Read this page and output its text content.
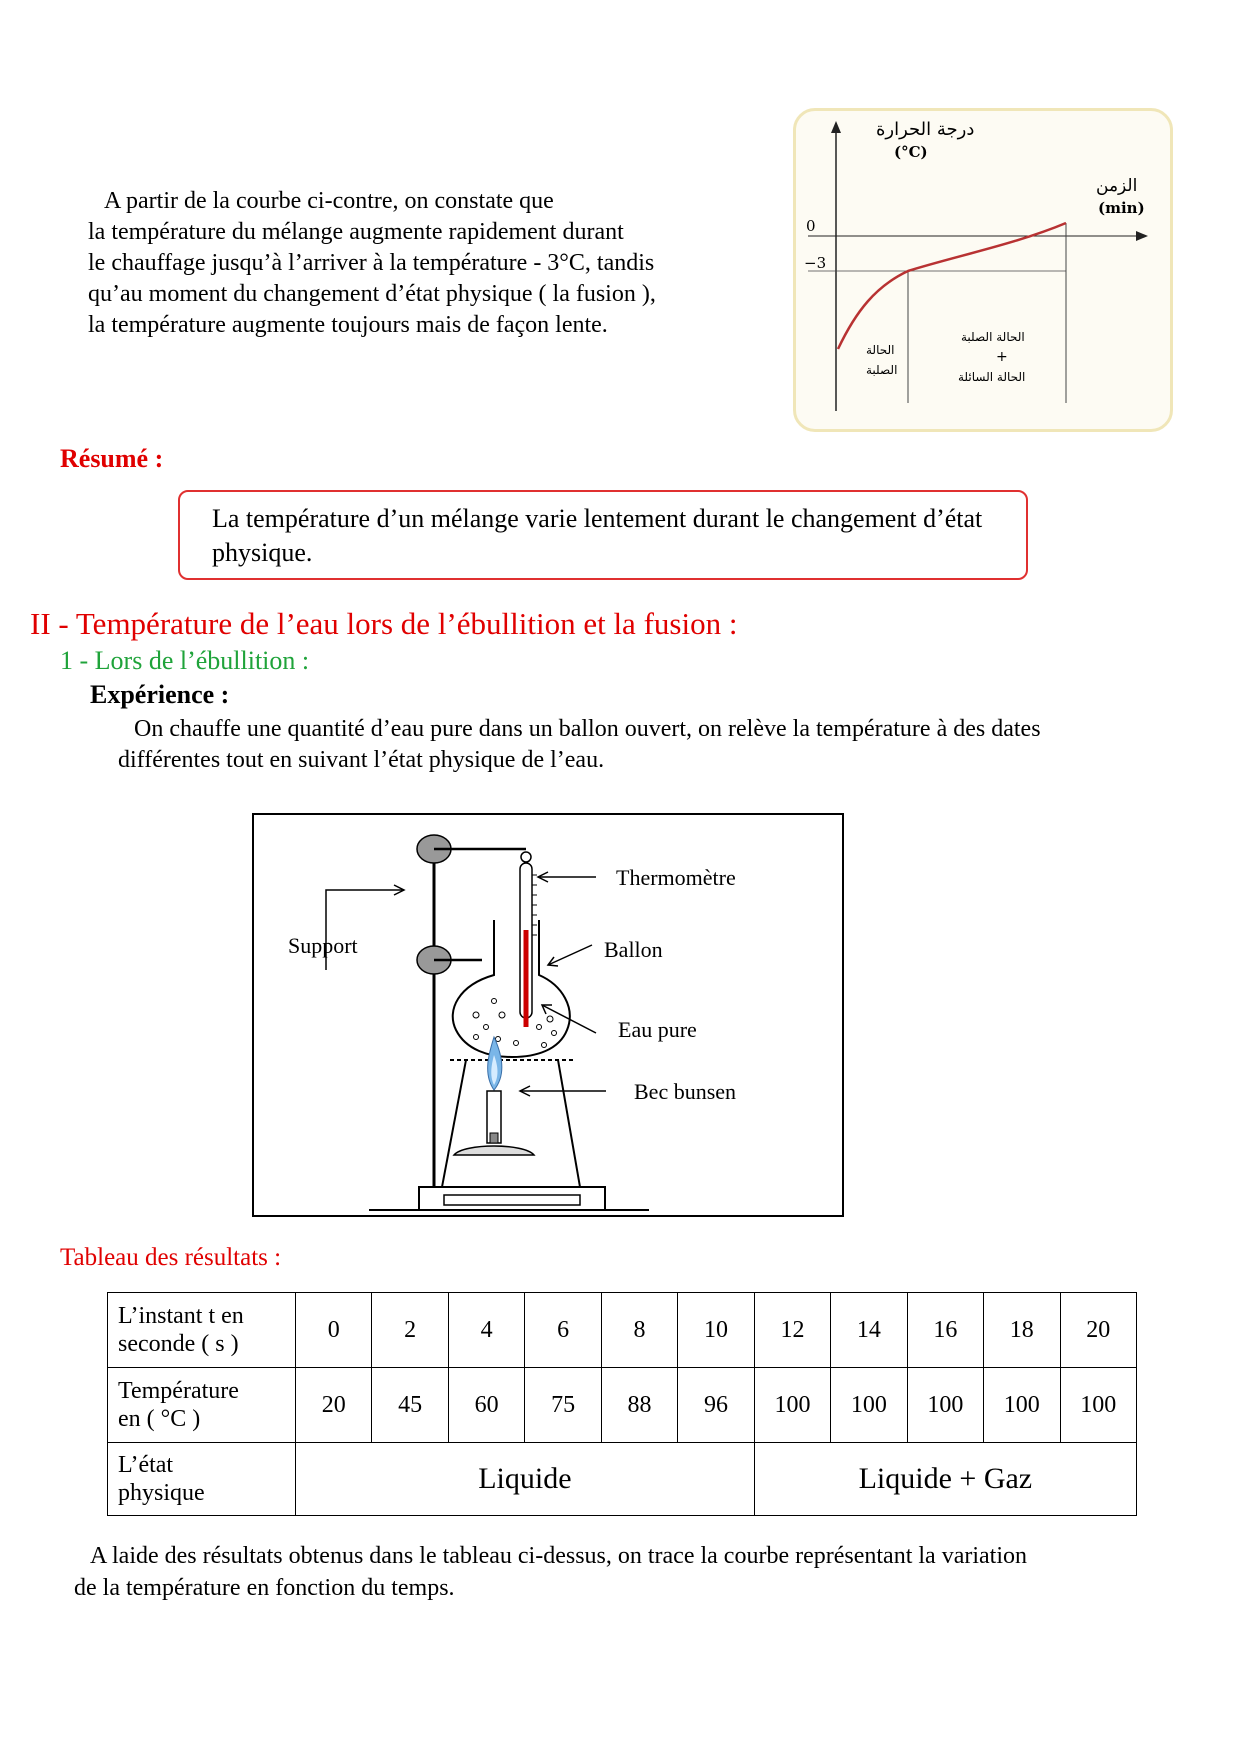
A partir de la courbe ci-contre, on constate que

la température du mélange augmente rapidement durant

le chauffage jusqu’à l’arriver à la température - 3°C, tandis

qu’au moment du changement d’état physique ( la fusion ),

la température augmente toujours mais de façon lente.

درجة الحرارة
(°C)
الزمن
(min)
0
−3
الحالة
الصلبة
الحالة الصلبة
+
الحالة السائلة
Résumé :
La température d’un mélange varie lentement durant le changement d’état physique.
II - Température de l’eau lors de l’ébullition et la fusion :
1 - Lors de l’ébullition :
Expérience :
On chauffe une quantité d’eau pure dans un ballon ouvert, on relève la température à des dates
différentes tout en suivant l’état physique de l’eau.
Thermomètre
Support	Ballon
Eau pure
Bec bunsen
Tableau des résultats :
L’instant t en
seconde ( s )	0	2	4	6	8	10	12	14	16	18	20
Température
en ( °C )	20	45	60	75	88	96	100	100	100	100	100
L’état
physique	Liquide						Liquide + Gaz				
A laide des résultats obtenus dans le tableau ci-dessus, on trace la courbe représentant la variation
de la température en fonction du temps.
